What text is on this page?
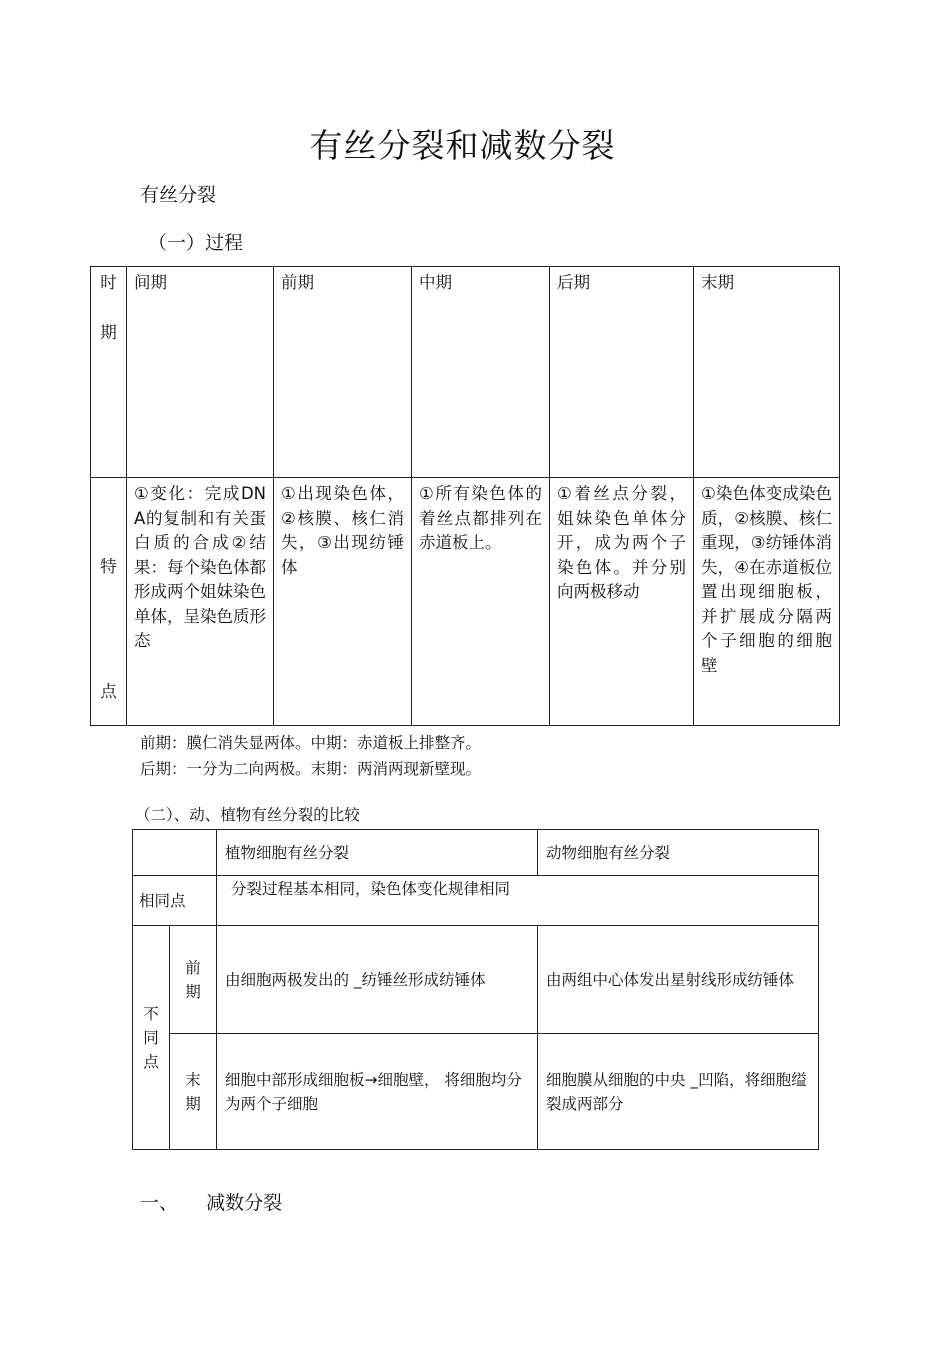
有丝分裂和减数分裂
有丝分裂
（一）过程
时
期	间期	前期	中期	后期	末期

特
点	①变化：完成DNA的复制和有关蛋白质的合成②结果：每个染色体都形成两个姐妹染色单体，呈染色质形态	①出现染色体，②核膜、核仁消失，③出现纺锤体	①所有染色体的着丝点都排列在赤道板上。	①着丝点分裂，姐妹染色单体分开，成为两个子染色体。并分别向两极移动	①染色体变成染色质，②核膜、核仁重现，③纺锤体消失，④在赤道板位置出现细胞板，并扩展成分隔两个子细胞的细胞壁
前期：膜仁消失显两体。中期：赤道板上排整齐。
后期：一分为二向两极。末期：两消两现新壁现。
（二）、动、植物有丝分裂的比较
		植物细胞有丝分裂	动物细胞有丝分裂
相同点		分裂过程基本相同，染色体变化规律相同	

不
同
点	前
期	由细胞两极发出的 _纺锤丝形成纺锤体	由两组中心体发出星射线形成纺锤体

	末
期	细胞中部形成细胞板→细胞壁， 将细胞均分为两个子细胞	细胞膜从细胞的中央 _凹陷，将细胞缢裂成两部分
一、 减数分裂
